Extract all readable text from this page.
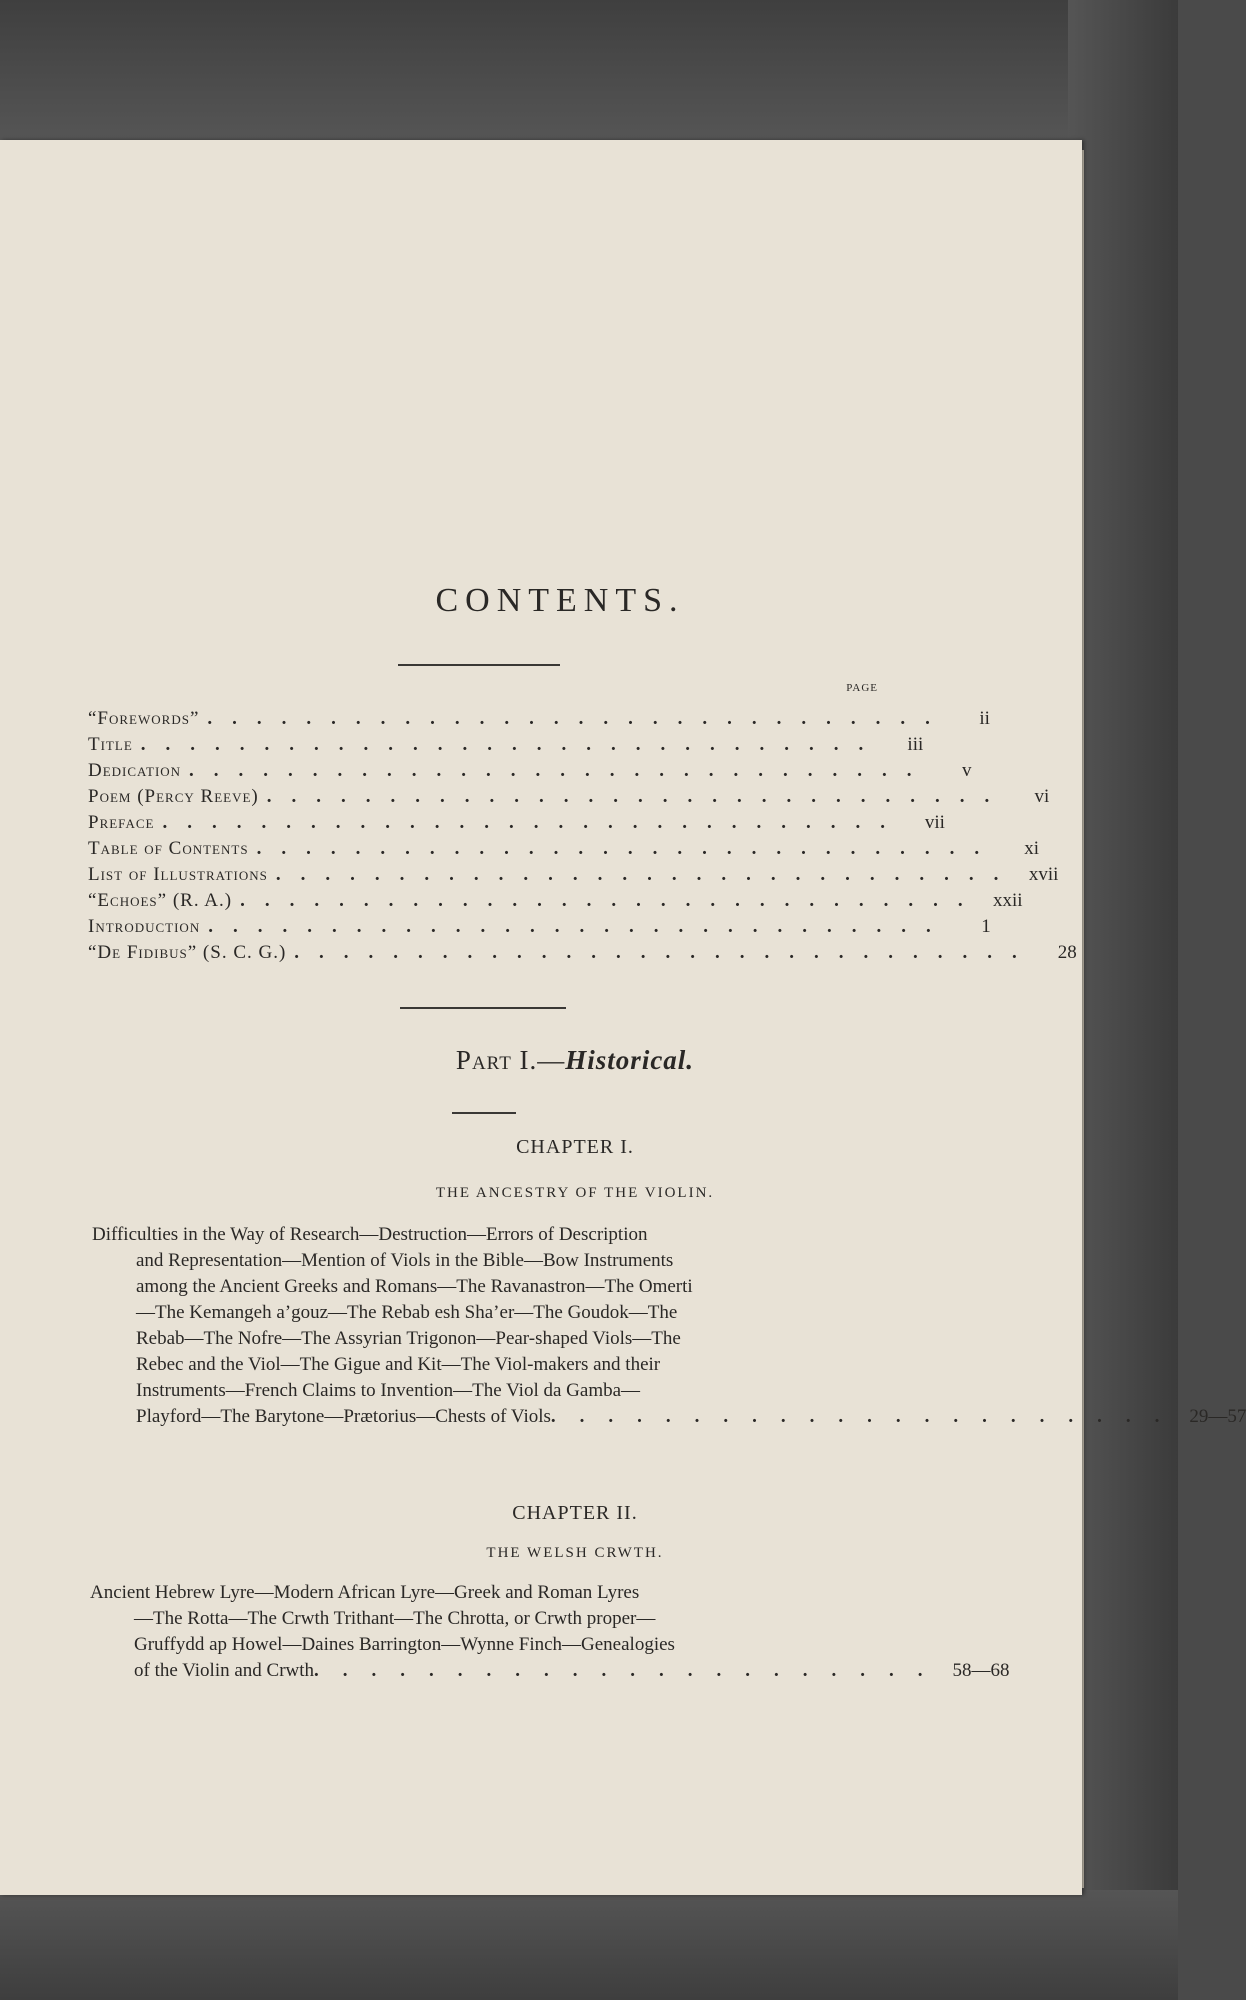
CONTENTS.
PAGE
“Forewords” ..............................	ii
Title ..............................	iii
Dedication ..............................	v
Poem (Percy Reeve) ..............................	vi
Preface ..............................	vii
Table of Contents ..............................	xi
List of Illustrations .............................. xvii
“Echoes” (R. A.) .............................. xxii
Introduction ..............................	1
“De Fidibus” (S. C. G.) ..............................	28
Part I.—Historical.
CHAPTER I.
THE ANCESTRY OF THE VIOLIN.
Difficulties in the Way of Research—Destruction—Errors of Description
and Representation—Mention of Viols in the Bible—Bow Instruments
among the Ancient Greeks and Romans—The Ravanastron—The Omerti
—The Kemangeh a’gouz—The Rebab esh Sha’er—The Goudok—The
Rebab—The Nofre—The Assyrian Trigonon—Pear-shaped Viols—The
Rebec and the Viol—The Gigue and Kit—The Viol-makers and their
Instruments—French Claims to Invention—The Viol da Gamba—
Playford—The Barytone—Prætorius—Chests of Viols ...................... 29—57
CHAPTER II.
THE WELSH CRWTH.
Ancient Hebrew Lyre—Modern African Lyre—Greek and Roman Lyres
—The Rotta—The Crwth Trithant—The Chrotta, or Crwth proper—
Gruffydd ap Howel—Daines Barrington—Wynne Finch—Genealogies
of the Violin and Crwth ...................... 58—68
